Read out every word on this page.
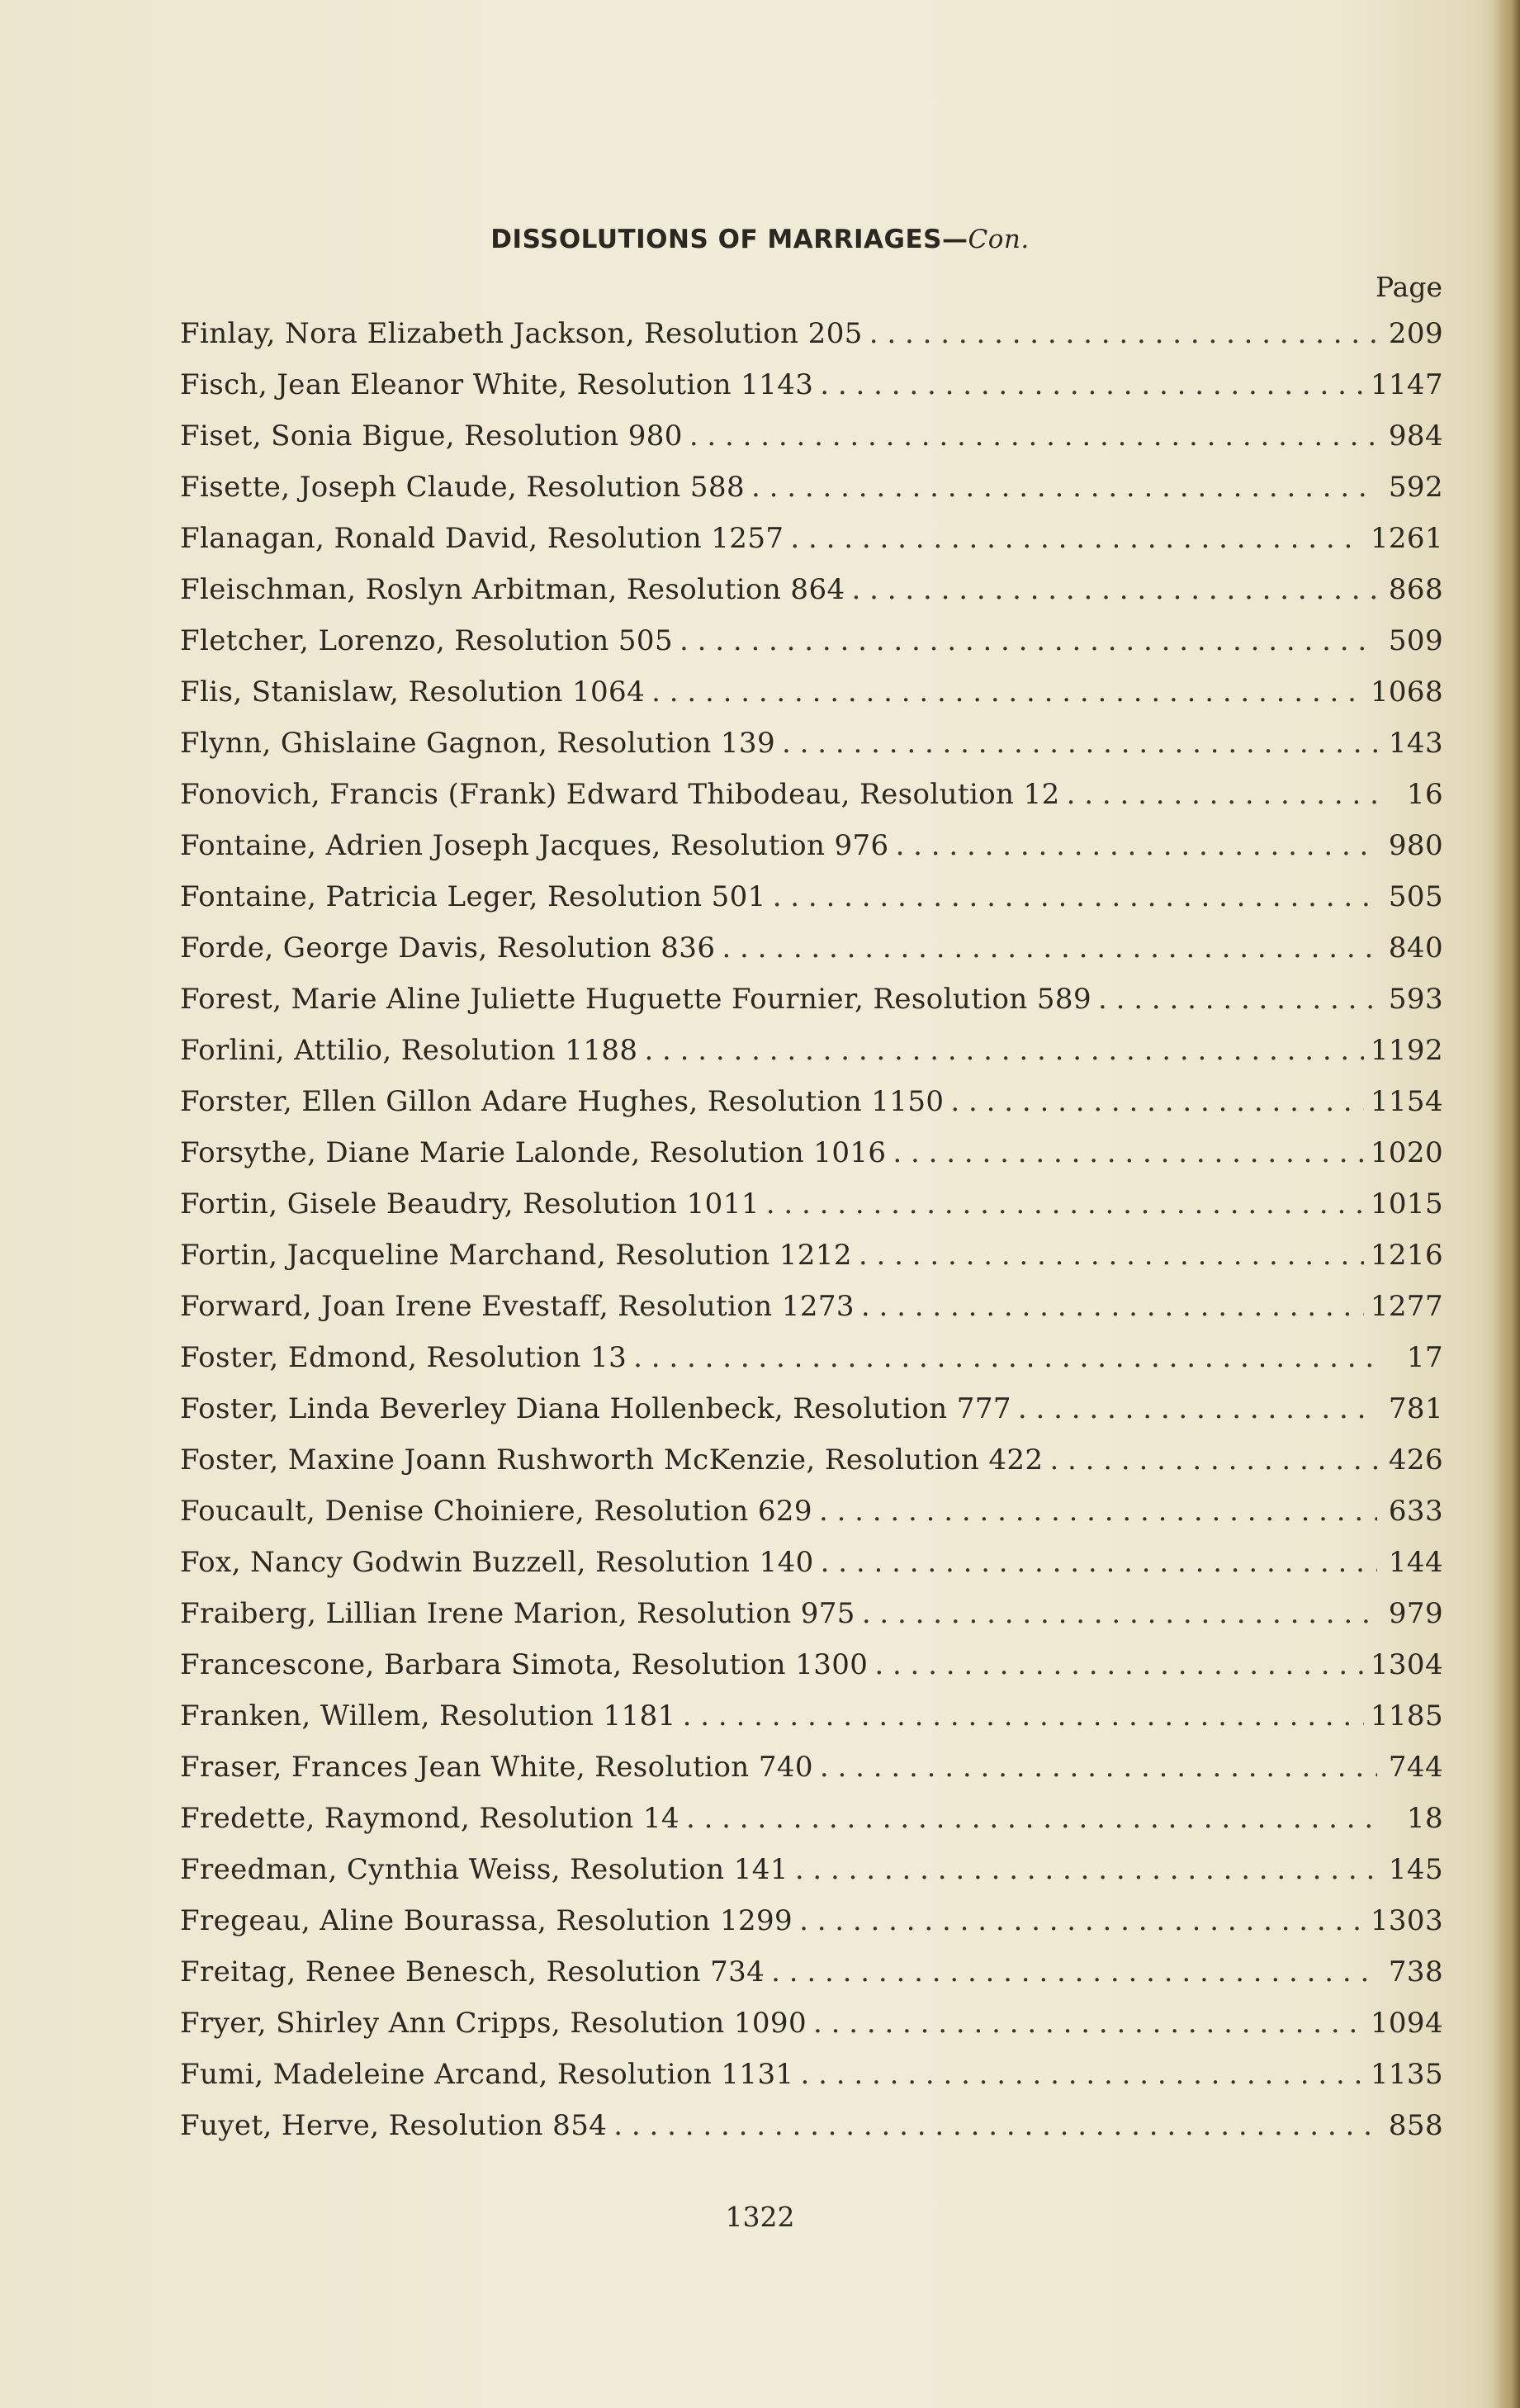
DISSOLUTIONS OF MARRIAGES—Con.
Page
Finlay, Nora Elizabeth Jackson, Resolution 205 . . .	209
Fisch, Jean Eleanor White, Resolution 1143 . . .	1147
Fiset, Sonia Bigue, Resolution 980 . . .	984
Fisette, Joseph Claude, Resolution 588 . . .	592
Flanagan, Ronald David, Resolution 1257 . . .	1261
Fleischman, Roslyn Arbitman, Resolution 864 . . .	868
Fletcher, Lorenzo, Resolution 505 . . .	509
Flis, Stanislaw, Resolution 1064 . . .	1068
Flynn, Ghislaine Gagnon, Resolution 139 . . .	143
Fonovich, Francis (Frank) Edward Thibodeau, Resolution 12 . . .	16
Fontaine, Adrien Joseph Jacques, Resolution 976 . . .	980
Fontaine, Patricia Leger, Resolution 501 . . .	505
Forde, George Davis, Resolution 836 . . .	840
Forest, Marie Aline Juliette Huguette Fournier, Resolution 589 . . .	593
Forlini, Attilio, Resolution 1188 . . .	1192
Forster, Ellen Gillon Adare Hughes, Resolution 1150 . . .	1154
Forsythe, Diane Marie Lalonde, Resolution 1016 . . .	1020
Fortin, Gisele Beaudry, Resolution 1011 . . .	1015
Fortin, Jacqueline Marchand, Resolution 1212 . . .	1216
Forward, Joan Irene Evestaff, Resolution 1273 . . .	1277
Foster, Edmond, Resolution 13 . . .	17
Foster, Linda Beverley Diana Hollenbeck, Resolution 777 . . .	781
Foster, Maxine Joann Rushworth McKenzie, Resolution 422 . . .	426
Foucault, Denise Choiniere, Resolution 629 . . .	633
Fox, Nancy Godwin Buzzell, Resolution 140 . . .	144
Fraiberg, Lillian Irene Marion, Resolution 975 . . .	979
Francescone, Barbara Simota, Resolution 1300 . . .	1304
Franken, Willem, Resolution 1181 . . .	1185
Fraser, Frances Jean White, Resolution 740 . . .	744
Fredette, Raymond, Resolution 14 . . .	18
Freedman, Cynthia Weiss, Resolution 141 . . .	145
Fregeau, Aline Bourassa, Resolution 1299 . . .	1303
Freitag, Renee Benesch, Resolution 734 . . .	738
Fryer, Shirley Ann Cripps, Resolution 1090 . . .	1094
Fumi, Madeleine Arcand, Resolution 1131 . . .	1135
Fuyet, Herve, Resolution 854 . . .	858
1322
